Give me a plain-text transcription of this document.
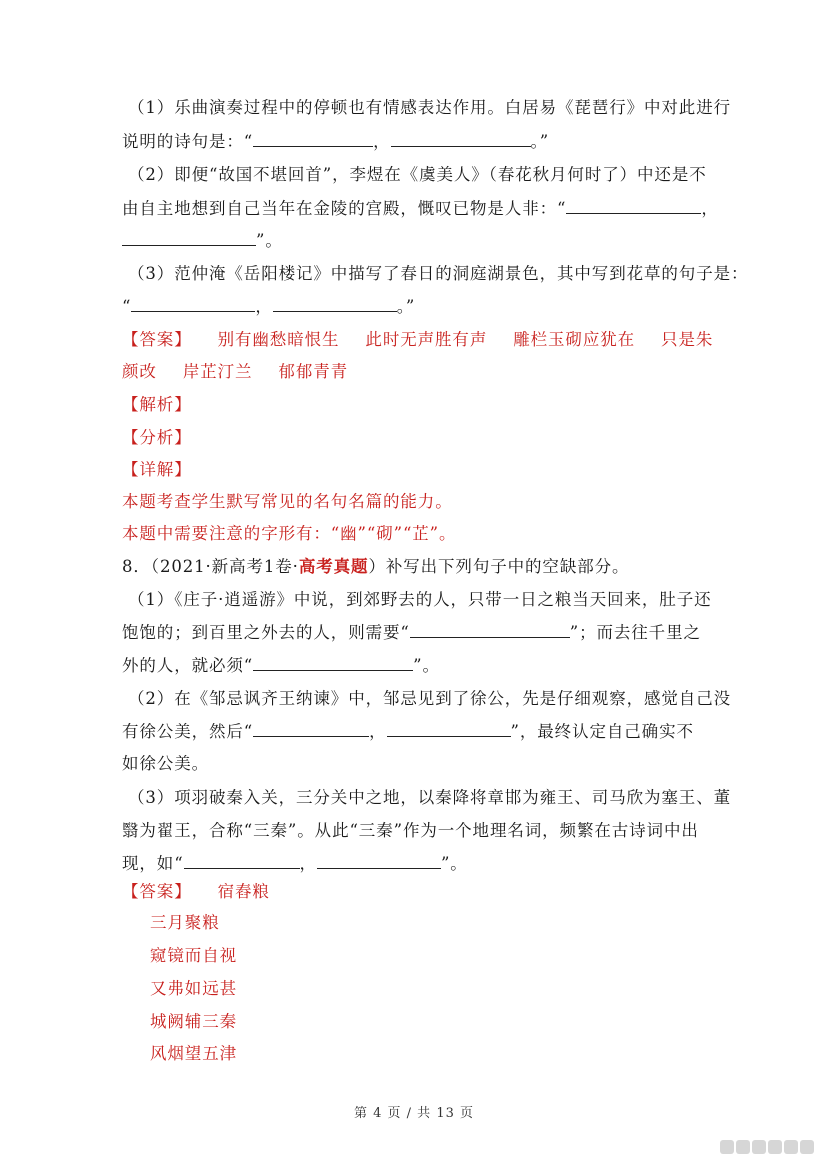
（1）乐曲演奏过程中的停顿也有情感表达作用。白居易《琵琶行》中对此进行
说明的诗句是：“	，	。”
（2）即便“故国不堪回首”，李煜在《虞美人》（春花秋月何时了）中还是不
由自主地想到自己当年在金陵的宫殿，慨叹已物是人非：“	，
”。
（3）范仲淹《岳阳楼记》中描写了春日的洞庭湖景色，其中写到花草的句子是：
“	，	。”
【答案】 别有幽愁暗恨生 此时无声胜有声 雕栏玉砌应犹在 只是朱
颜改 岸芷汀兰 郁郁青青
【解析】
【分析】
【详解】
本题考查学生默写常见的名句名篇的能力。
本题中需要注意的字形有：“幽”“砌”“芷”。
8．（2021·新高考1卷·高考真题）补写出下列句子中的空缺部分。
（1）《庄子·逍遥游》中说，到郊野去的人，只带一日之粮当天回来，肚子还
饱饱的；到百里之外去的人，则需要“	”；而去往千里之
外的人，就必须“	”。
（2）在《邹忌讽齐王纳谏》中，邹忌见到了徐公，先是仔细观察，感觉自己没
有徐公美，然后“	，	”，最终认定自己确实不
如徐公美。
（3）项羽破秦入关，三分关中之地，以秦降将章邯为雍王、司马欣为塞王、董
翳为翟王，合称“三秦”。从此“三秦”作为一个地理名词，频繁在古诗词中出
现，如“	，	”。
【答案】 宿舂粮
三月聚粮
窥镜而自视
又弗如远甚
城阙辅三秦
风烟望五津
第 4 页 / 共 13 页
